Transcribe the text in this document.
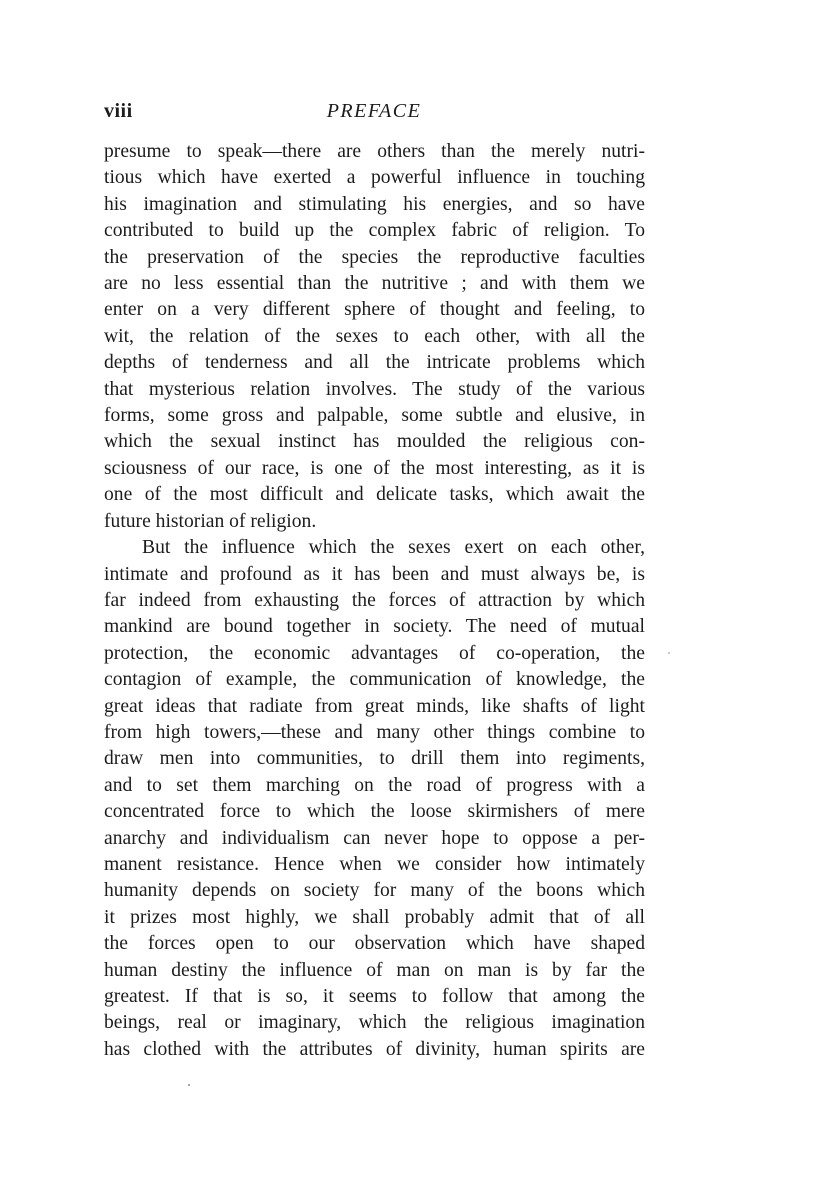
viii	PREFACE
presume to speak—there are others than the merely nutri-
tious which have exerted a powerful influence in touching
his imagination and stimulating his energies, and so have
contributed to build up the complex fabric of religion. To
the preservation of the species the reproductive faculties
are no less essential than the nutritive ; and with them we
enter on a very different sphere of thought and feeling, to
wit, the relation of the sexes to each other, with all the
depths of tenderness and all the intricate problems which
that mysterious relation involves. The study of the various
forms, some gross and palpable, some subtle and elusive, in
which the sexual instinct has moulded the religious con-
sciousness of our race, is one of the most interesting, as it is
one of the most difficult and delicate tasks, which await the
future historian of religion.
But the influence which the sexes exert on each other,
intimate and profound as it has been and must always be, is
far indeed from exhausting the forces of attraction by which
mankind are bound together in society. The need of mutual
protection, the economic advantages of co-operation, the
contagion of example, the communication of knowledge, the
great ideas that radiate from great minds, like shafts of light
from high towers,—these and many other things combine to
draw men into communities, to drill them into regiments,
and to set them marching on the road of progress with a
concentrated force to which the loose skirmishers of mere
anarchy and individualism can never hope to oppose a per-
manent resistance. Hence when we consider how intimately
humanity depends on society for many of the boons which
it prizes most highly, we shall probably admit that of all
the forces open to our observation which have shaped
human destiny the influence of man on man is by far the
greatest. If that is so, it seems to follow that among the
beings, real or imaginary, which the religious imagination
has clothed with the attributes of divinity, human spirits are
